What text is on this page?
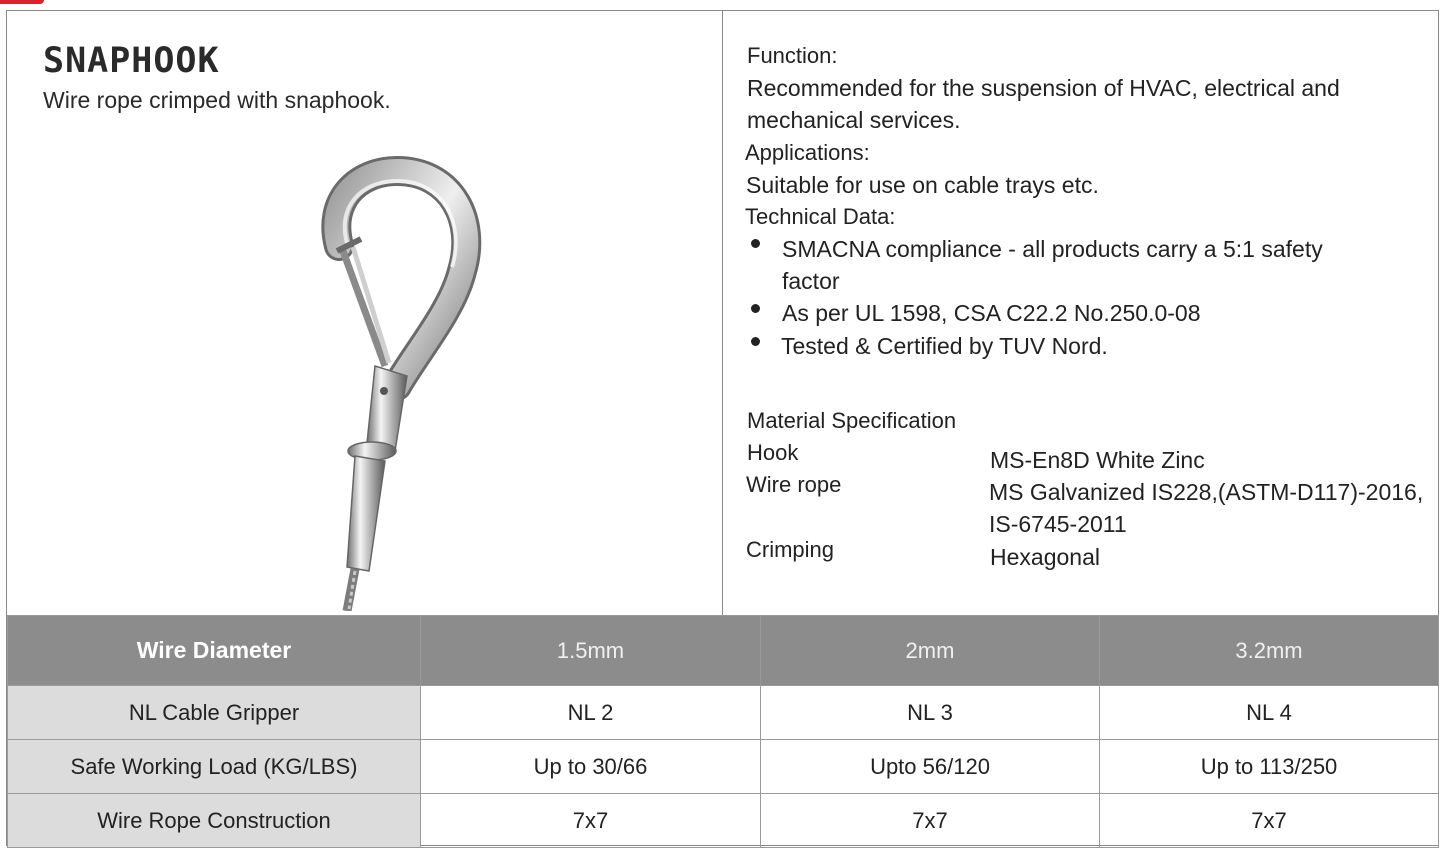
SNAPHOOK
Wire rope crimped with snaphook.
Function:
Recommended for the suspension of HVAC, electrical and
mechanical services.
Applications:
Suitable for use on cable trays etc.
Technical Data:
SMACNA compliance - all products carry a 5:1 safety
factor
As per UL 1598, CSA C22.2 No.250.0-08
Tested & Certified by TUV Nord.
Material Specification
Hook	MS-En8D White Zinc
Wire rope	MS Galvanized IS228,(ASTM-D117)-2016,
IS-6745-2011
Crimping	Hexagonal
Wire Diameter	1.5mm	2mm	3.2mm
NL Cable Gripper	NL 2	NL 3	NL 4
Safe Working Load (KG/LBS)	Up to 30/66	Upto 56/120	Up to 113/250
Wire Rope Construction	7x7	7x7	7x7
